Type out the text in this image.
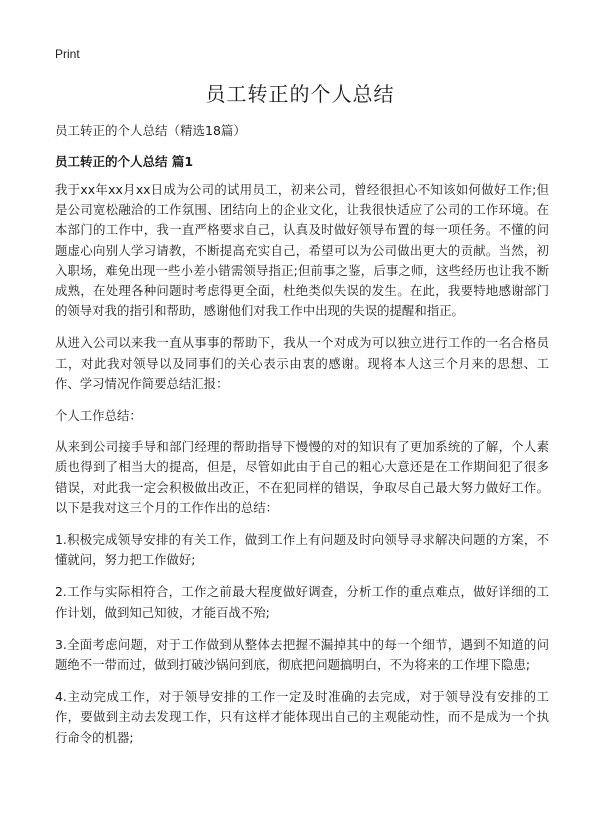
Print
员工转正的个人总结
员工转正的个人总结（精选18篇）
员工转正的个人总结 篇1

我于xx年xx月xx日成为公司的试用员工，初来公司，曾经很担心不知该如何做好工作;但是公司宽松融洽的工作氛围、团结向上的企业文化，让我很快适应了公司的工作环境。在本部门的工作中，我一直严格要求自己，认真及时做好领导布置的每一项任务。不懂的问题虚心向别人学习请教，不断提高充实自己，希望可以为公司做出更大的贡献。当然，初入职场，难免出现一些小差小错需领导指正;但前事之鉴，后事之师，这些经历也让我不断成熟，在处理各种问题时考虑得更全面，杜绝类似失误的发生。在此，我要特地感谢部门的领导对我的指引和帮助，感谢他们对我工作中出现的失误的提醒和指正。

从进入公司以来我一直从事事的帮助下，我从一个对成为可以独立进行工作的一名合格员工，对此我对领导以及同事们的关心表示由衷的感谢。现将本人这三个月来的思想、工作、学习情况作简要总结汇报：

个人工作总结：

从来到公司接手导和部门经理的帮助指导下慢慢的对的知识有了更加系统的了解，个人素质也得到了相当大的提高，但是，尽管如此由于自己的粗心大意还是在工作期间犯了很多错误，对此我一定会积极做出改正，不在犯同样的错误，争取尽自己最大努力做好工作。以下是我对这三个月的工作作出的总结：

1.积极完成领导安排的有关工作，做到工作上有问题及时向领导寻求解决问题的方案，不懂就问，努力把工作做好;

2.工作与实际相符合，工作之前最大程度做好调查，分析工作的重点难点，做好详细的工作计划，做到知己知彼，才能百战不殆;

3.全面考虑问题，对于工作做到从整体去把握不漏掉其中的每一个细节，遇到不知道的问题绝不一带而过，做到打破沙锅问到底，彻底把问题搞明白，不为将来的工作埋下隐患;

4.主动完成工作，对于领导安排的工作一定及时准确的去完成，对于领导没有安排的工作，要做到主动去发现工作，只有这样才能体现出自己的主观能动性，而不是成为一个执行命令的机器;
